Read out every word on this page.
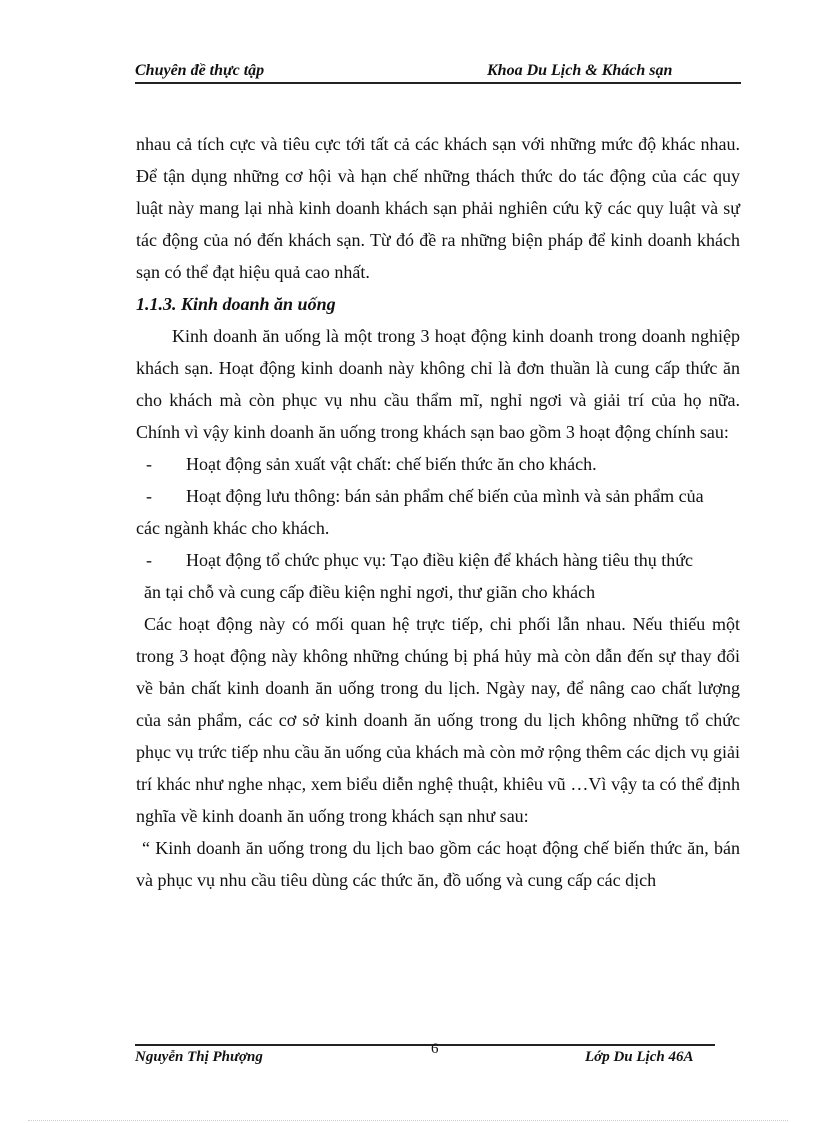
Chuyên đề thực tập	Khoa Du Lịch & Khách sạn

nhau cả tích cực và tiêu cực tới tất cả các khách sạn với những mức độ khác nhau. Để tận dụng những cơ hội và hạn chế những thách thức do tác động của các quy luật này mang lại nhà kinh doanh khách sạn phải nghiên cứu kỹ các quy luật và sự tác động của nó đến khách sạn. Từ đó đề ra những biện pháp để kinh doanh khách sạn có thể đạt hiệu quả cao nhất.

1.1.3. Kinh doanh ăn uống

Kinh doanh ăn uống là một trong 3 hoạt động kinh doanh trong doanh nghiệp khách sạn. Hoạt động kinh doanh này không chỉ là đơn thuần là cung cấp thức ăn cho khách mà còn phục vụ nhu cầu thẩm mĩ, nghỉ ngơi và giải trí của họ nữa. Chính vì vậy kinh doanh ăn uống trong khách sạn bao gồm 3 hoạt động chính sau:

-	Hoạt động sản xuất vật chất: chế biến thức ăn cho khách.
-	Hoạt động lưu thông: bán sản phẩm chế biến của mình và sản phẩm của

các ngành khác cho khách.

-	Hoạt động tổ chức phục vụ: Tạo điều kiện để khách hàng tiêu thụ thức

ăn tại chỗ và cung cấp điều kiện nghỉ ngơi, thư giãn cho khách

Các hoạt động này có mối quan hệ trực tiếp, chi phối lẫn nhau. Nếu thiếu một trong 3 hoạt động này không những chúng bị phá hủy mà còn dẫn đến sự thay đổi về bản chất kinh doanh ăn uống trong du lịch. Ngày nay, để nâng cao chất lượng của sản phẩm, các cơ sở kinh doanh ăn uống trong du lịch không những tổ chức phục vụ trức tiếp nhu cầu ăn uống của khách mà còn mở rộng thêm các dịch vụ giải trí khác như nghe nhạc, xem biểu diễn nghệ thuật, khiêu vũ …Vì vậy ta có thể định nghĩa về kinh doanh ăn uống trong khách sạn như sau:

“ Kinh doanh ăn uống trong du lịch bao gồm các hoạt động chế biến thức ăn, bán và phục vụ nhu cầu tiêu dùng các thức ăn, đồ uống và cung cấp các dịch

Nguyễn Thị Phượng	6	Lớp Du Lịch 46A
